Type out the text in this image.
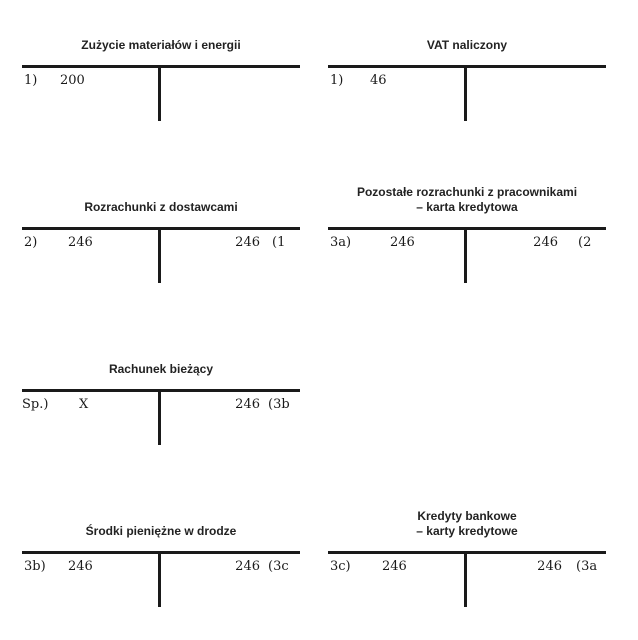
Zużycie materiałów i energii
1) 200
VAT naliczony
1) 46
Rozrachunki z dostawcami
2) 246	246 (1
Pozostałe rozrachunki z pracownikami
– karta kredytowa
3a)	246	246 (2
Rachunek bieżący
Sp.) X	246 (3b
Środki pieniężne w drodze
3b) 246	246 (3c
Kredyty bankowe
– karty kredytowe
3c) 246	246 (3a
